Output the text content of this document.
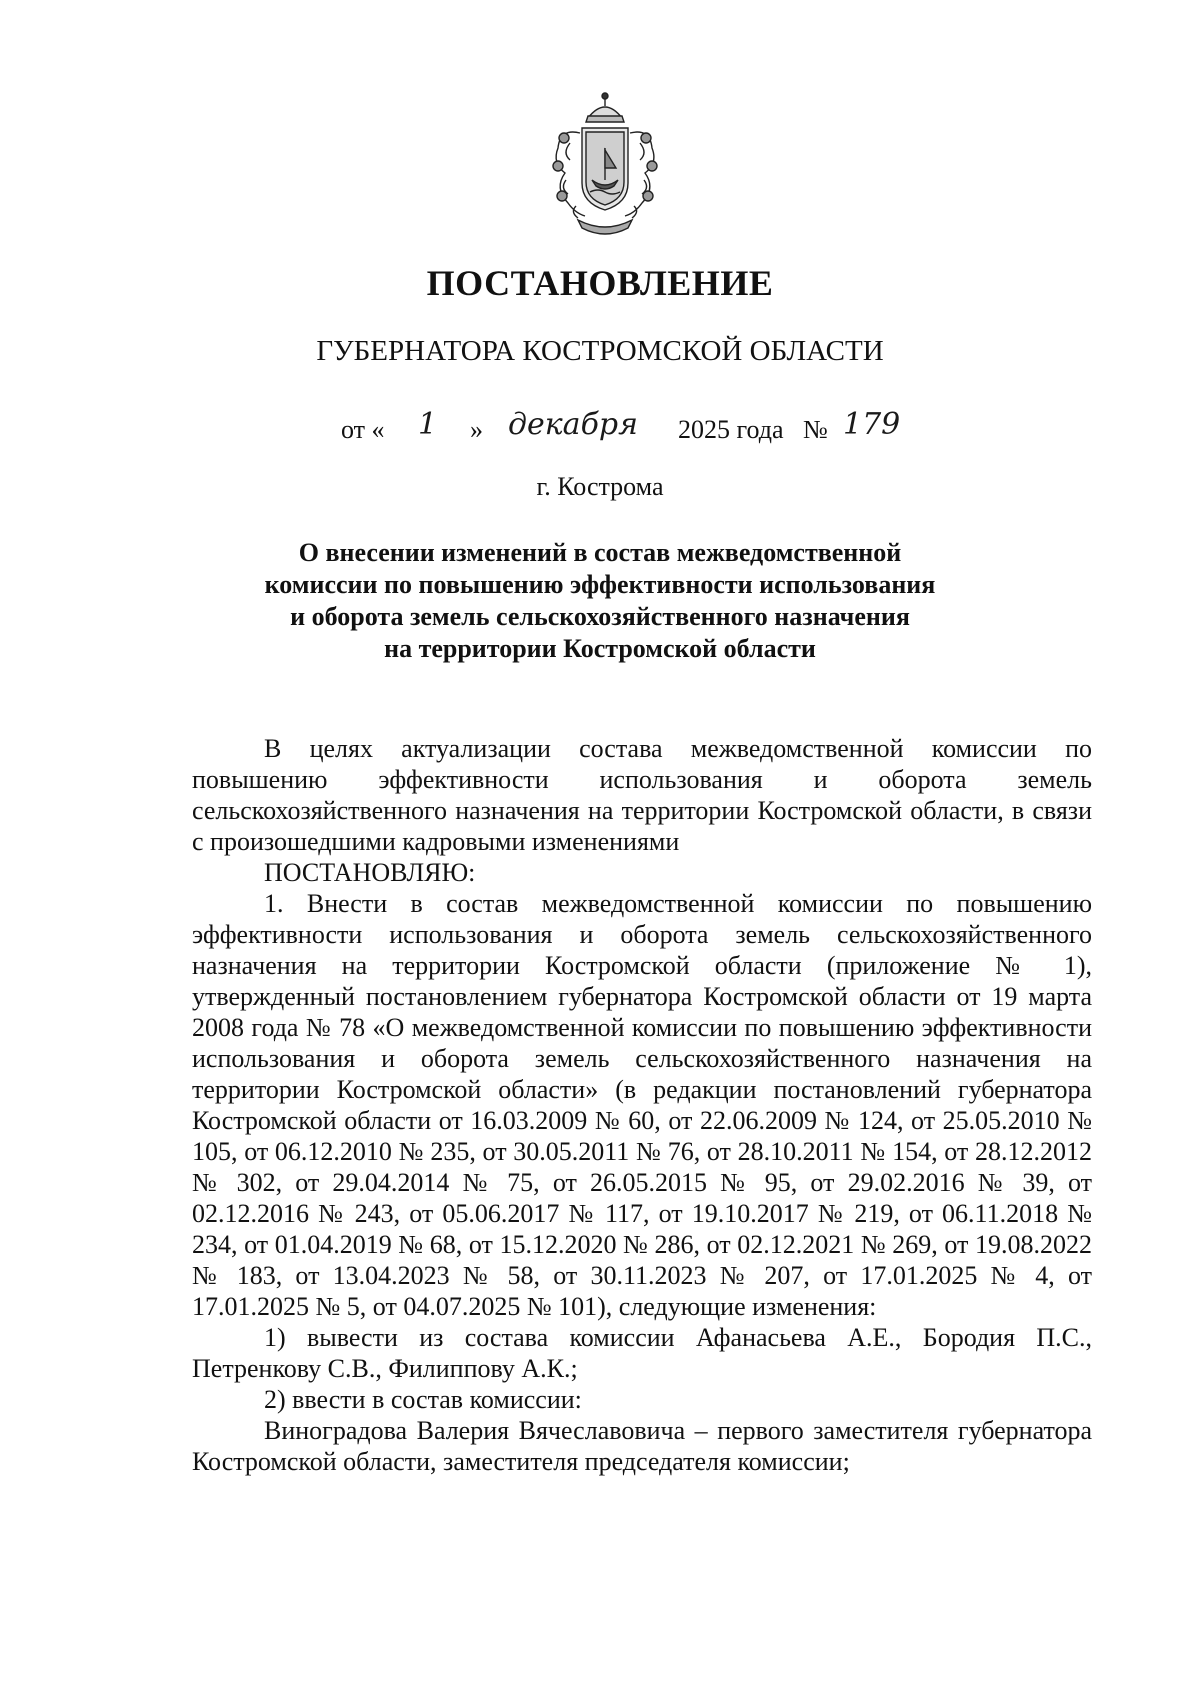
ПОСТАНОВЛЕНИЕ
ГУБЕРНАТОРА КОСТРОМСКОЙ ОБЛАСТИ
от « 1 » декабря 2025 года № 179
г. Кострома
О внесении изменений в состав межведомственной
комиссии по повышению эффективности использования
и оборота земель сельскохозяйственного назначения
на территории Костромской области

В целях актуализации состава межведомственной комиссии по повышению эффективности использования и оборота земель сельскохозяйственного назначения на территории Костромской области, в связи с произошедшими кадровыми изменениями

ПОСТАНОВЛЯЮ:

1. Внести в состав межведомственной комиссии по повышению эффективности использования и оборота земель сельскохозяйственного назначения на территории Костромской области (приложение № 1), утвержденный постановлением губернатора Костромской области от 19 марта 2008 года № 78 «О межведомственной комиссии по повышению эффективности использования и оборота земель сельскохозяйственного назначения на территории Костромской области» (в редакции постановлений губернатора Костромской области от 16.03.2009 № 60, от 22.06.2009 № 124, от 25.05.2010 № 105, от 06.12.2010 № 235, от 30.05.2011 № 76, от 28.10.2011 № 154, от 28.12.2012 № 302, от 29.04.2014 № 75, от 26.05.2015 № 95, от 29.02.2016 № 39, от 02.12.2016 № 243, от 05.06.2017 № 117, от 19.10.2017 № 219, от 06.11.2018 № 234, от 01.04.2019 № 68, от 15.12.2020 № 286, от 02.12.2021 № 269, от 19.08.2022 № 183, от 13.04.2023 № 58, от 30.11.2023 № 207, от 17.01.2025 № 4, от 17.01.2025 № 5, от 04.07.2025 № 101), следующие изменения:

1) вывести из состава комиссии Афанасьева А.Е., Бородия П.С., Петренкову С.В., Филиппову А.К.;

2) ввести в состав комиссии:

Виноградова Валерия Вячеславовича – первого заместителя губернатора Костромской области, заместителя председателя комиссии;
